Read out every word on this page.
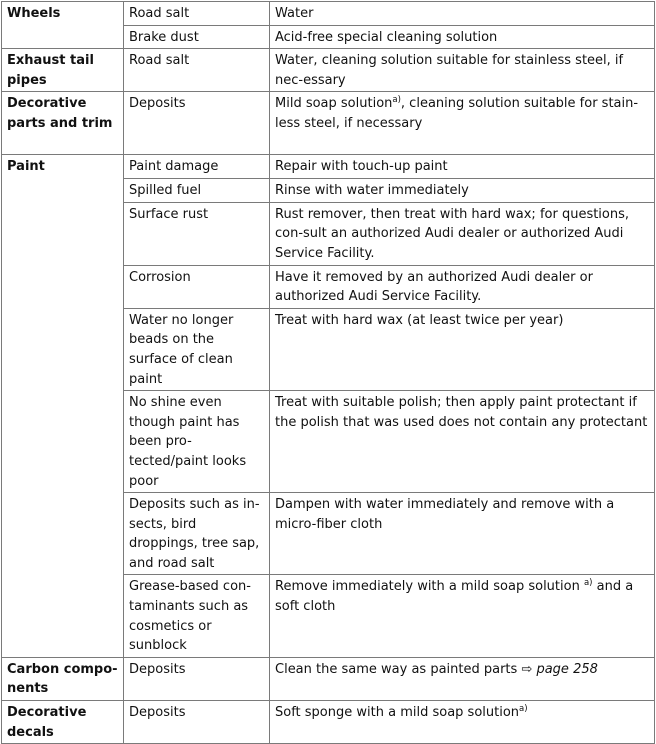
Wheels	Road salt	Water
	Brake dust	Acid-free special cleaning solution
Exhaust tail pipes	Road salt	Water, cleaning solution suitable for stainless steel, if nec-essary
Decorative parts and trim	Deposits	Mild soap solution$^{a)}$, cleaning solution suitable for stain-less steel, if necessary
Paint	Paint damage	Repair with touch-up paint
	Spilled fuel	Rinse with water immediately
	Surface rust	Rust remover, then treat with hard wax; for questions, con-sult an authorized Audi dealer or authorized Audi Service Facility.
	Corrosion	Have it removed by an authorized Audi dealer or authorized Audi Service Facility.
	Water no longer beads on the surface of clean paint	Treat with hard wax (at least twice per year)
	No shine even though paint has been pro-tected/paint looks poor	Treat with suitable polish; then apply paint protectant if the polish that was used does not contain any protectant
	Deposits such as in-sects, bird droppings, tree sap, and road salt	Dampen with water immediately and remove with a micro-fiber cloth
	Grease-based con-taminants such as cosmetics or sunblock	Remove immediately with a mild soap solution $^{a)}$ and a soft cloth
Carbon compo-nents	Deposits	Clean the same way as painted parts ⇨ page 258
Decorative decals	Deposits	Soft sponge with a mild soap solution$^{a)}$
